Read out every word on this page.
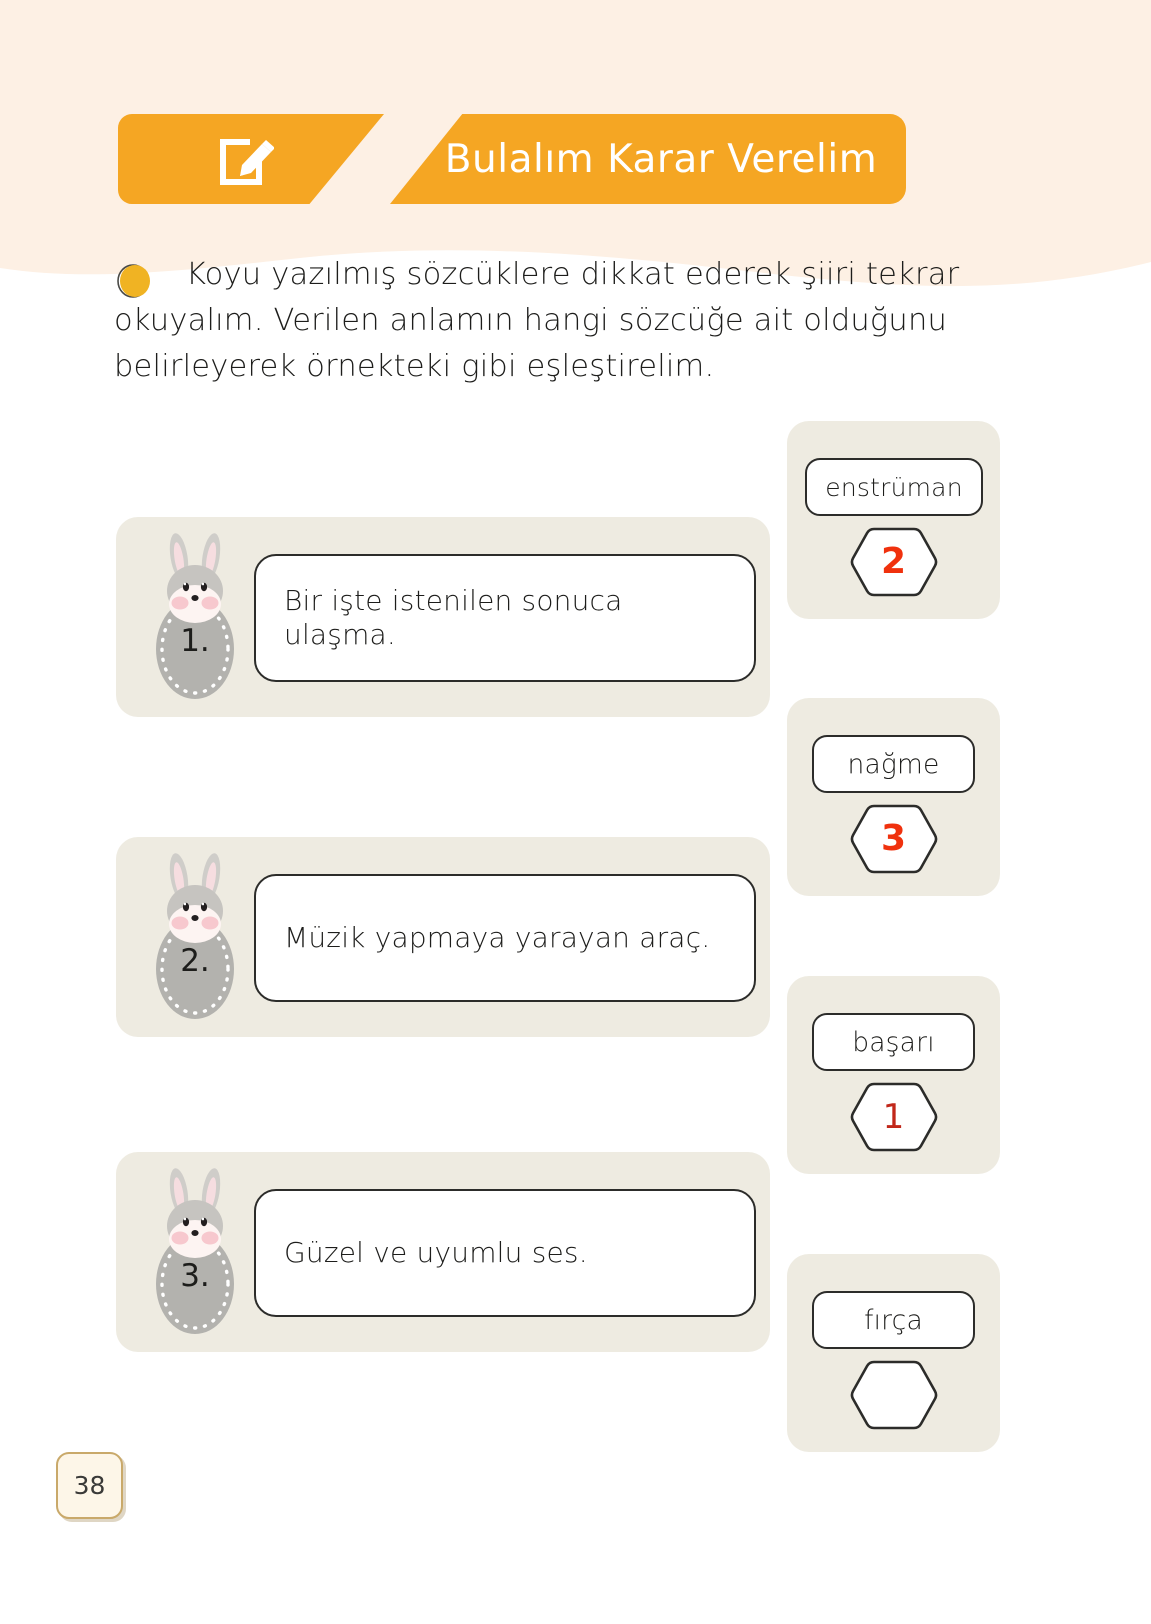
Bulalım Karar Verelim
Koyu yazılmış sözcüklere dikkat ederek şiiri tekrar okuyalım. Verilen anlamın hangi sözcüğe ait olduğunu belirleyerek örnekteki gibi eşleştirelim.
1.
Bir işte istenilen sonuca ulaşma.
2.
Müzik yapmaya yarayan araç.
3.
Güzel ve uyumlu ses.
enstrüman
2
nağme
3
başarı
1
fırça
38
